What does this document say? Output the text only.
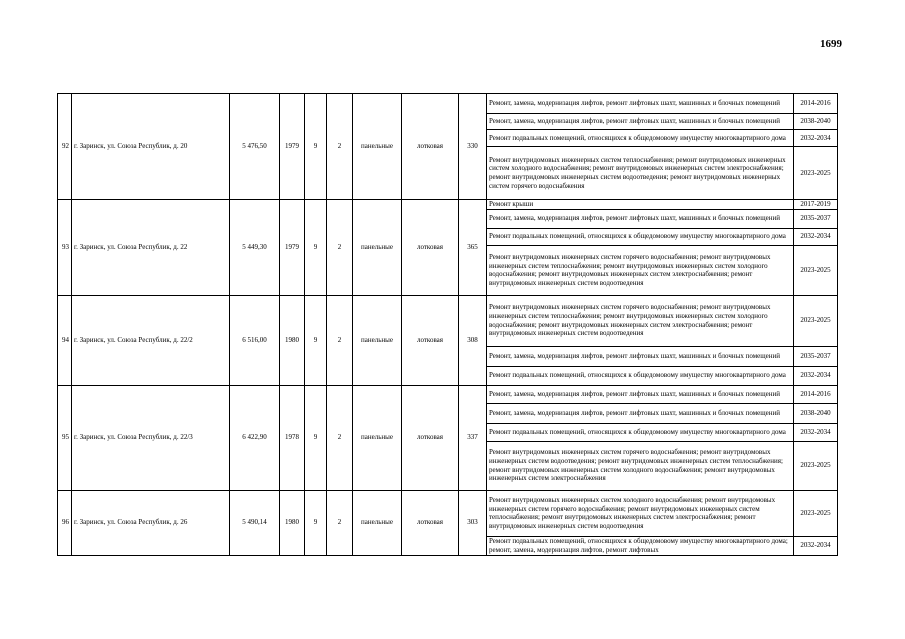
1699
92	г. Заринск, ул. Союза Республик, д. 20	5 476,50	1979	9	2	панельные	лотковая	330	Ремонт, замена, модернизация лифтов, ремонт лифтовых шахт, машинных и блочных помещений	2014-2016
									Ремонт, замена, модернизация лифтов, ремонт лифтовых шахт, машинных и блочных помещений	2038-2040
									Ремонт подвальных помещений, относящихся к общедомовому имуществу многоквартирного дома	2032-2034
									Ремонт внутридомовых инженерных систем теплоснабжения; ремонт внутридомовых инженерных систем холодного водоснабжения; ремонт внутридомовых инженерных систем электроснабжения; ремонт внутридомовых инженерных систем водоотведения; ремонт внутридомовых инженерных систем горячего водоснабжения	2023-2025
93	г. Заринск, ул. Союза Республик, д. 22	5 449,30	1979	9	2	панельные	лотковая	365	Ремонт крыши	2017-2019
									Ремонт, замена, модернизация лифтов, ремонт лифтовых шахт, машинных и блочных помещений	2035-2037
									Ремонт подвальных помещений, относящихся к общедомовому имуществу многоквартирного дома	2032-2034
									Ремонт внутридомовых инженерных систем горячего водоснабжения; ремонт внутридомовых инженерных систем теплоснабжения; ремонт внутридомовых инженерных систем холодного водоснабжения; ремонт внутридомовых инженерных систем электроснабжения; ремонт внутридомовых инженерных систем водоотведения	2023-2025
94	г. Заринск, ул. Союза Республик, д. 22/2	6 516,00	1980	9	2	панельные	лотковая	308	Ремонт внутридомовых инженерных систем горячего водоснабжения; ремонт внутридомовых инженерных систем теплоснабжения; ремонт внутридомовых инженерных систем холодного водоснабжения; ремонт внутридомовых инженерных систем электроснабжения; ремонт внутридомовых инженерных систем водоотведения	2023-2025
									Ремонт, замена, модернизация лифтов, ремонт лифтовых шахт, машинных и блочных помещений	2035-2037
									Ремонт подвальных помещений, относящихся к общедомовому имуществу многоквартирного дома	2032-2034
95	г. Заринск, ул. Союза Республик, д. 22/3	6 422,90	1978	9	2	панельные	лотковая	337	Ремонт, замена, модернизация лифтов, ремонт лифтовых шахт, машинных и блочных помещений	2014-2016
									Ремонт, замена, модернизация лифтов, ремонт лифтовых шахт, машинных и блочных помещений	2038-2040
									Ремонт подвальных помещений, относящихся к общедомовому имуществу многоквартирного дома	2032-2034
									Ремонт внутридомовых инженерных систем горячего водоснабжения; ремонт внутридомовых инженерных систем водоотведения; ремонт внутридомовых инженерных систем теплоснабжения; ремонт внутридомовых инженерных систем холодного водоснабжения; ремонт внутридомовых инженерных систем электроснабжения	2023-2025
96	г. Заринск, ул. Союза Республик, д. 26	5 490,14	1980	9	2	панельные	лотковая	303	Ремонт внутридомовых инженерных систем холодного водоснабжения; ремонт внутридомовых инженерных систем горячего водоснабжения; ремонт внутридомовых инженерных систем теплоснабжения; ремонт внутридомовых инженерных систем электроснабжения; ремонт внутридомовых инженерных систем водоотведения	2023-2025
									Ремонт подвальных помещений, относящихся к общедомовому имуществу многоквартирного дома; ремонт, замена, модернизация лифтов, ремонт лифтовых	2032-2034
